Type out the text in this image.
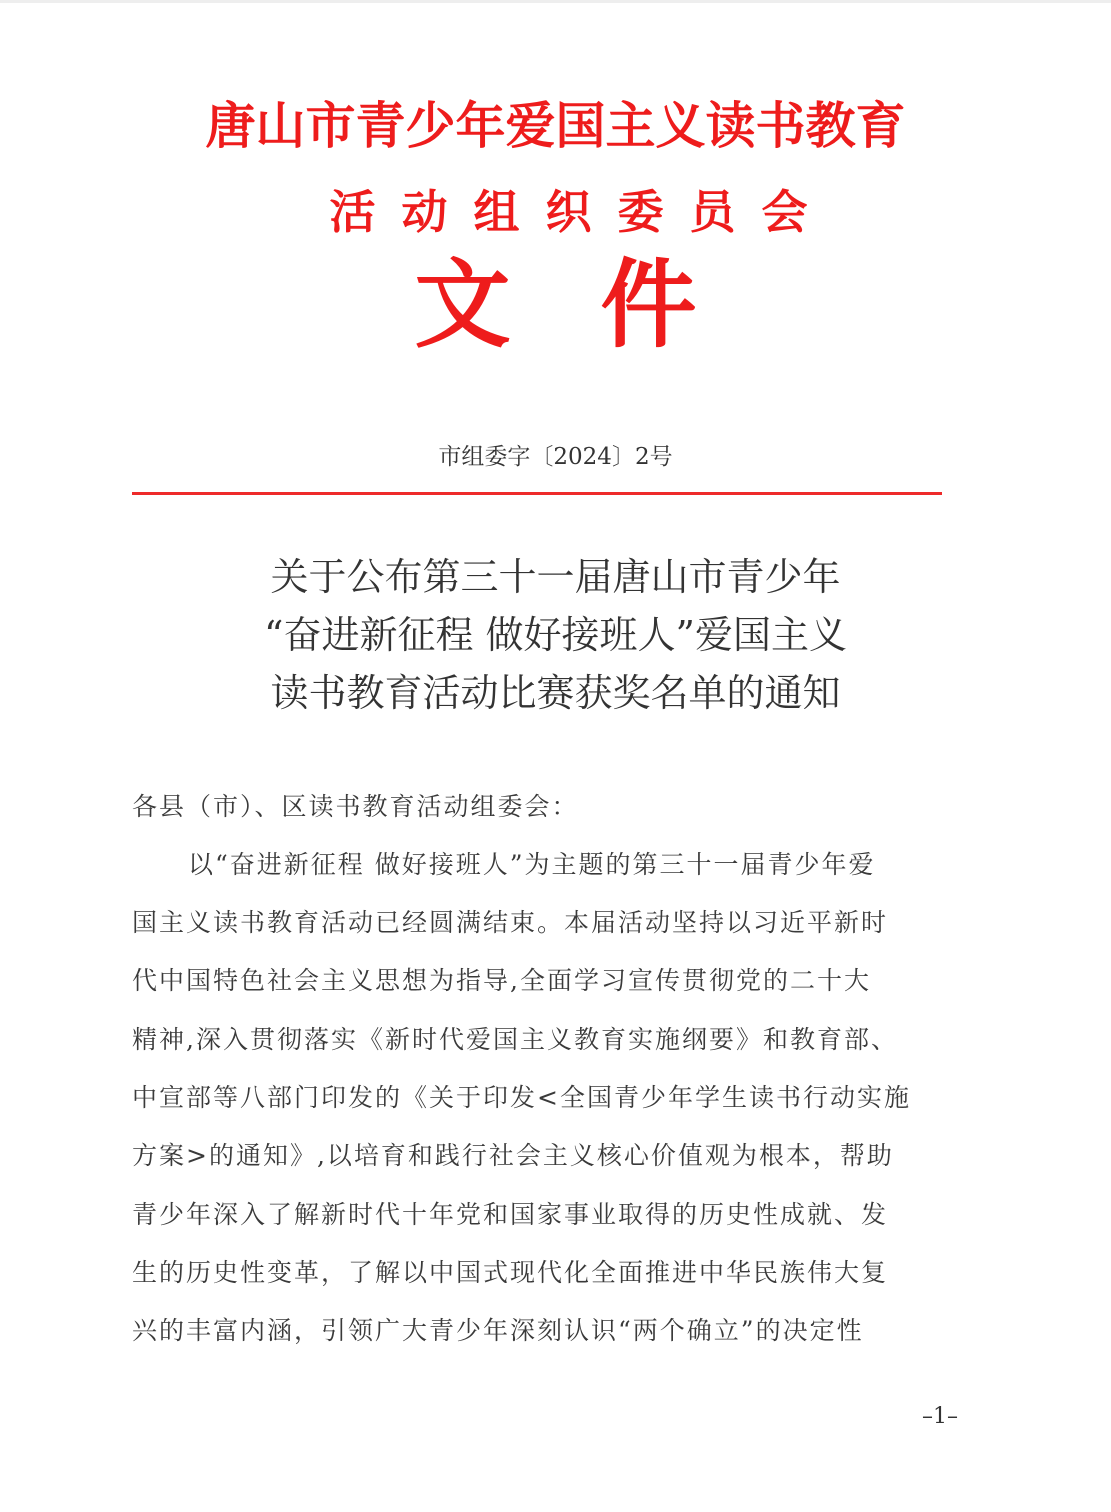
唐山市青少年爱国主义读书教育
活动组织委员会
文 件
市组委字〔2024〕2号
关于公布第三十一届唐山市青少年
“奋进新征程 做好接班人”爱国主义
读书教育活动比赛获奖名单的通知
各县（市）、区读书教育活动组委会：
以“奋进新征程 做好接班人”为主题的第三十一届青少年爱
国主义读书教育活动已经圆满结束。本届活动坚持以习近平新时
代中国特色社会主义思想为指导,全面学习宣传贯彻党的二十大
精神,深入贯彻落实《新时代爱国主义教育实施纲要》和教育部、
中宣部等八部门印发的《关于印发<全国青少年学生读书行动实施
方案>的通知》,以培育和践行社会主义核心价值观为根本，帮助
青少年深入了解新时代十年党和国家事业取得的历史性成就、发
生的历史性变革，了解以中国式现代化全面推进中华民族伟大复
兴的丰富内涵，引领广大青少年深刻认识“两个确立”的决定性
–1–
